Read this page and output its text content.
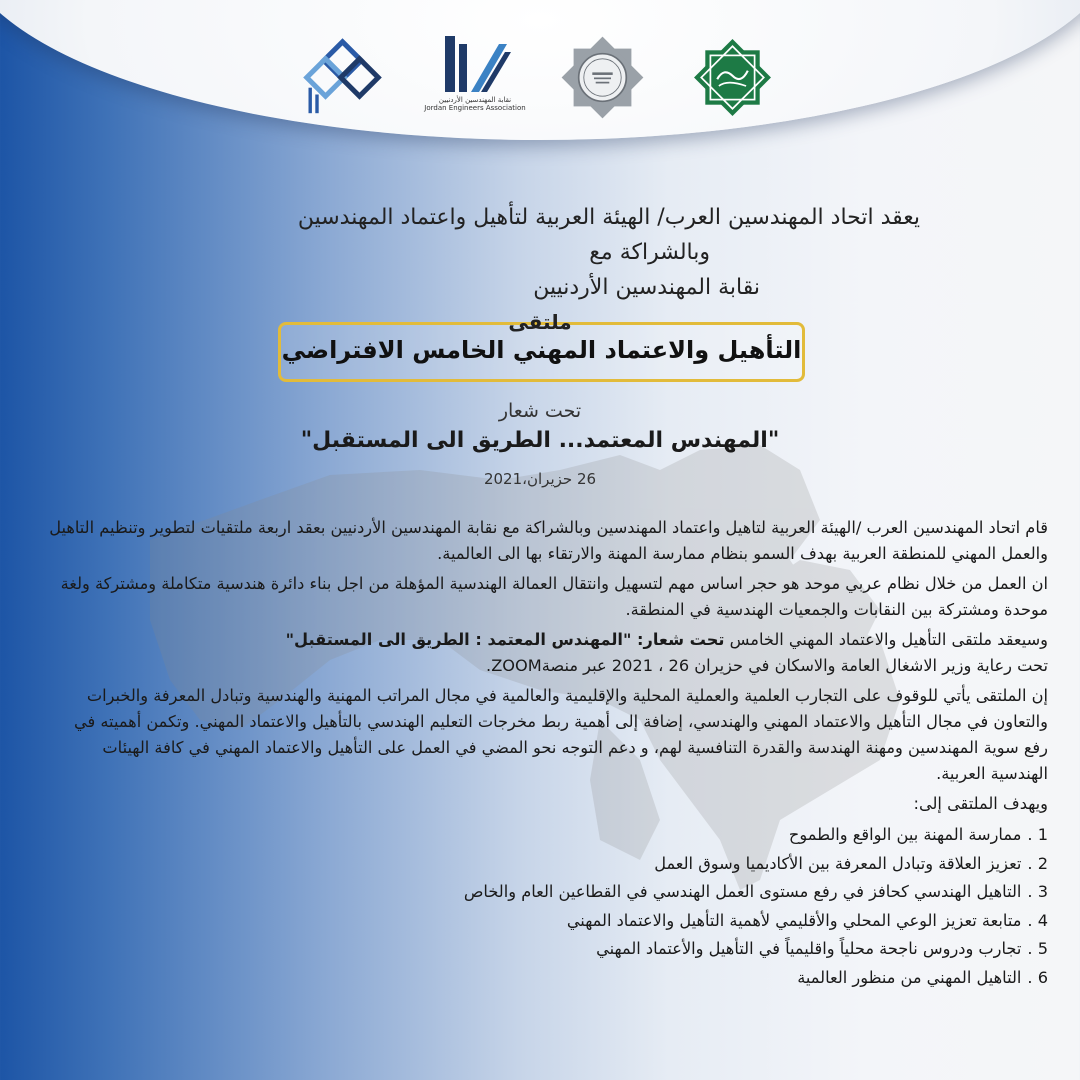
نقابة المهندسين الأردنيين
Jordan Engineers Association

يعقد اتحاد المهندسين العرب/ الهيئة العربية لتأهيل واعتماد المهندسين

وبالشراكة مع

نقابة المهندسين الأردنيين

ملتقى
التأهيل والاعتماد المهني الخامس الافتراضي
تحت شعار
"المهندس المعتمد... الطريق الى المستقبل"
26 حزيران،2021

قام اتحاد المهندسين العرب /الهيئة العربية لتاهيل واعتماد المهندسين وبالشراكة مع نقابة المهندسين الأردنيين بعقد اربعة ملتقيات لتطوير وتنظيم التاهيل والعمل المهني للمنطقة العربية بهدف السمو بنظام ممارسة المهنة والارتقاء بها الى العالمية.

ان العمل من خلال نظام عربي موحد هو حجر اساس مهم لتسهيل وانتقال العمالة الهندسية المؤهلة من اجل بناء دائرة هندسية متكاملة ومشتركة ولغة موحدة ومشتركة بين النقابات والجمعيات الهندسية في المنطقة.

وسيعقد ملتقى التأهيل والاعتماد المهني الخامس تحت شعار: "المهندس المعتمد : الطريق الى المستقبل"
تحت رعاية وزير الاشغال العامة والاسكان في حزيران 26 ، 2021 عبر منصةZOOM.

إن الملتقى يأتي للوقوف على التجارب العلمية والعملية المحلية والإقليمية والعالمية في مجال المراتب المهنية والهندسية وتبادل المعرفة والخبرات والتعاون في مجال التأهيل والاعتماد المهني والهندسي، إضافة إلى أهمية ربط مخرجات التعليم الهندسي بالتأهيل والاعتماد المهني. وتكمن أهميته في رفع سوية المهندسين ومهنة الهندسة والقدرة التنافسية لهم، و دعم التوجه نحو المضي في العمل على التأهيل والاعتماد المهني في كافة الهيئات الهندسية العربية.

ويهدف الملتقى إلى:

1 .ممارسة المهنة بين الواقع والطموح
2 .تعزيز العلاقة وتبادل المعرفة بين الأكاديميا وسوق العمل
3 .التاهيل الهندسي كحافز في رفع مستوى العمل الهندسي في القطاعين العام والخاص
4 .متابعة تعزيز الوعي المحلي والأقليمي لأهمية التأهيل والاعتماد المهني
5 .تجارب ودروس ناجحة محلياً واقليمياً في التأهيل والأعتماد المهني
6 .التاهيل المهني من منظور العالمية
